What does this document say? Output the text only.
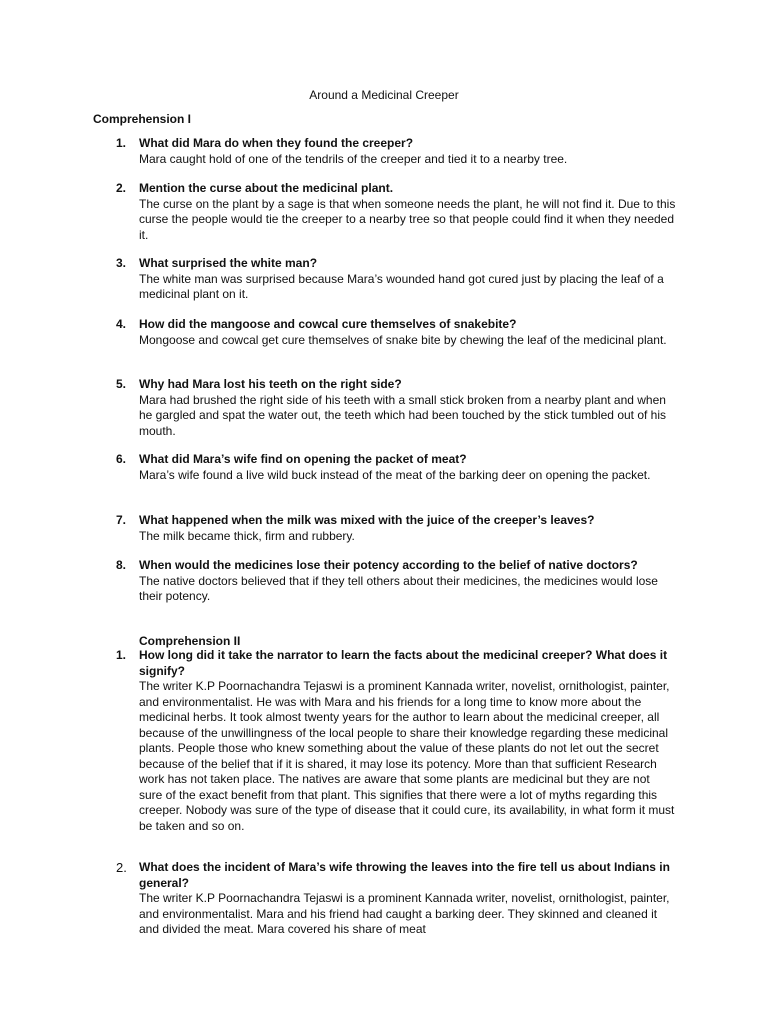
Around a Medicinal Creeper
Comprehension I
1.	What did Mara do when they found the creeper?
Mara caught hold of one of the tendrils of the creeper and tied it to a nearby tree.
2.	Mention the curse about the medicinal plant.
The curse on the plant by a sage is that when someone needs the plant, he will not find it. Due to this curse the people would tie the creeper to a nearby tree so that people could find it when they needed it.
3.	What surprised the white man?
The white man was surprised because Mara’s wounded hand got cured just by placing the leaf of a medicinal plant on it.
4.	How did the mangoose and cowcal cure themselves of snakebite?
Mongoose and cowcal get cure themselves of snake bite by chewing the leaf of the medicinal plant.
5.	Why had Mara lost his teeth on the right side?
Mara had brushed the right side of his teeth with a small stick broken from a nearby plant and when he gargled and spat the water out, the teeth which had been touched by the stick tumbled out of his mouth.
6.	What did Mara’s wife find on opening the packet of meat?
Mara’s wife found a live wild buck instead of the meat of the barking deer on opening the packet.
7.	What happened when the milk was mixed with the juice of the creeper’s leaves?
The milk became thick, firm and rubbery.
8.	When would the medicines lose their potency according to the belief of native doctors?
The native doctors believed that if they tell others about their medicines, the medicines would lose their potency.
Comprehension II
1.	How long did it take the narrator to learn the facts about the medicinal creeper? What does it signify?
The writer K.P Poornachandra Tejaswi is a prominent Kannada writer, novelist, ornithologist, painter, and environmentalist. He was with Mara and his friends for a long time to know more about the medicinal herbs. It took almost twenty years for the author to learn about the medicinal creeper, all because of the unwillingness of the local people to share their knowledge regarding these medicinal plants. People those who knew something about the value of these plants do not let out the secret because of the belief that if it is shared, it may lose its potency. More than that sufficient Research work has not taken place. The natives are aware that some plants are medicinal but they are not sure of the exact benefit from that plant. This signifies that there were a lot of myths regarding this creeper. Nobody was sure of the type of disease that it could cure, its availability, in what form it must be taken and so on.
2.	What does the incident of Mara’s wife throwing the leaves into the fire tell us about Indians in general?
The writer K.P Poornachandra Tejaswi is a prominent Kannada writer, novelist, ornithologist, painter, and environmentalist. Mara and his friend had caught a barking deer. They skinned and cleaned it and divided the meat. Mara covered his share of meat
